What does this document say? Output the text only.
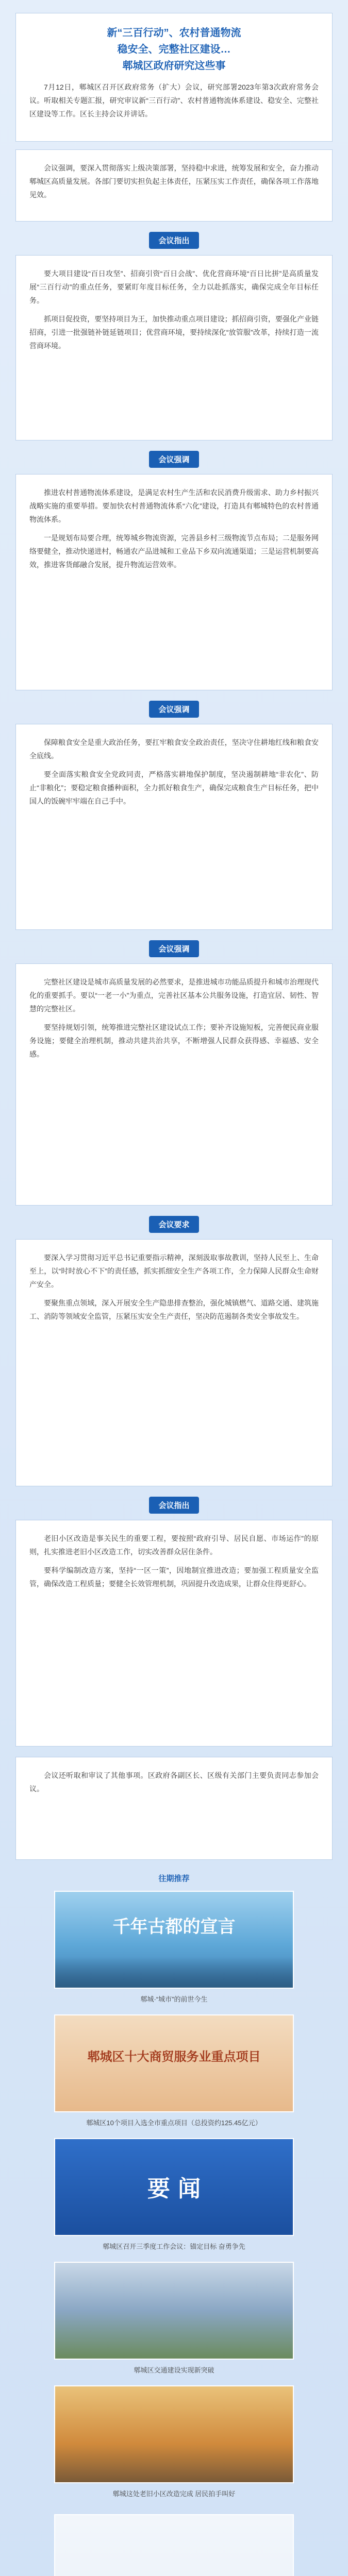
新“三百行动”、农村普通物流
稳安全、完整社区建设…
郫城区政府研究这些事

7月12日，郫城区召开区政府常务（扩大）会议，研究部署2023年第3次政府常务会议。听取相关专题汇报，研究审议新“三百行动”、农村普通物流体系建设、稳安全、完整社区建设等工作。区长主持会议并讲话。

会议强调，要深入贯彻落实上级决策部署，坚持稳中求进，统筹发展和安全，奋力推动郫城区高质量发展。各部门要切实担负起主体责任，压紧压实工作责任，确保各项工作落地见效。

会议指出

要大项目建设“百日攻坚”、招商引资“百日会战”、优化营商环境“百日比拼”是高质量发展“三百行动”的重点任务，要紧盯年度目标任务，全力以赴抓落实，确保完成全年目标任务。

抓项目促投资，要坚持项目为王，加快推动重点项目建设；抓招商引资，要强化产业链招商，引进一批强链补链延链项目；优营商环境，要持续深化“放管服”改革，持续打造一流营商环境。

会议强调

推进农村普通物流体系建设，是满足农村生产生活和农民消费升级需求、助力乡村振兴战略实施的重要举措。要加快农村普通物流体系“六化”建设，打造具有郫城特色的农村普通物流体系。

一是规划布局要合理，统筹城乡物流资源，完善县乡村三级物流节点布局；二是服务网络要健全，推动快递进村，畅通农产品进城和工业品下乡双向流通渠道；三是运营机制要高效，推进客货邮融合发展，提升物流运营效率。

会议强调

保障粮食安全是重大政治任务，要扛牢粮食安全政治责任，坚决守住耕地红线和粮食安全底线。

要全面落实粮食安全党政同责，严格落实耕地保护制度，坚决遏制耕地“非农化”、防止“非粮化”；要稳定粮食播种面积，全力抓好粮食生产，确保完成粮食生产目标任务，把中国人的饭碗牢牢端在自己手中。

会议强调

完整社区建设是城市高质量发展的必然要求，是推进城市功能品质提升和城市治理现代化的重要抓手。要以“一老一小”为重点，完善社区基本公共服务设施，打造宜居、韧性、智慧的完整社区。

要坚持规划引领，统筹推进完整社区建设试点工作；要补齐设施短板，完善便民商业服务设施；要健全治理机制，推动共建共治共享，不断增强人民群众获得感、幸福感、安全感。

会议要求

要深入学习贯彻习近平总书记重要指示精神，深刻汲取事故教训，坚持人民至上、生命至上，以“时时放心不下”的责任感，抓实抓细安全生产各项工作，全力保障人民群众生命财产安全。

要聚焦重点领域，深入开展安全生产隐患排查整治，强化城镇燃气、道路交通、建筑施工、消防等领域安全监管，压紧压实安全生产责任，坚决防范遏制各类安全事故发生。

会议指出

老旧小区改造是事关民生的重要工程，要按照“政府引导、居民自愿、市场运作”的原则，扎实推进老旧小区改造工作，切实改善群众居住条件。

要科学编制改造方案，坚持“一区一策”，因地制宜推进改造；要加强工程质量安全监管，确保改造工程质量；要健全长效管理机制，巩固提升改造成果，让群众住得更舒心。

会议还听取和审议了其他事项。区政府各副区长、区级有关部门主要负责同志参加会议。

往期推荐
千年古都的宣言
郫城·“城市”的前世今生
郫城区十大商贸服务业重点项目
郫城区10个项目入选全市重点项目（总投资约125.45亿元）
要 闻
郫城区召开三季度工作会议：锚定目标 奋勇争先
郫城区交通建设实现新突破
郫城这处老旧小区改造完成 居民拍手叫好
